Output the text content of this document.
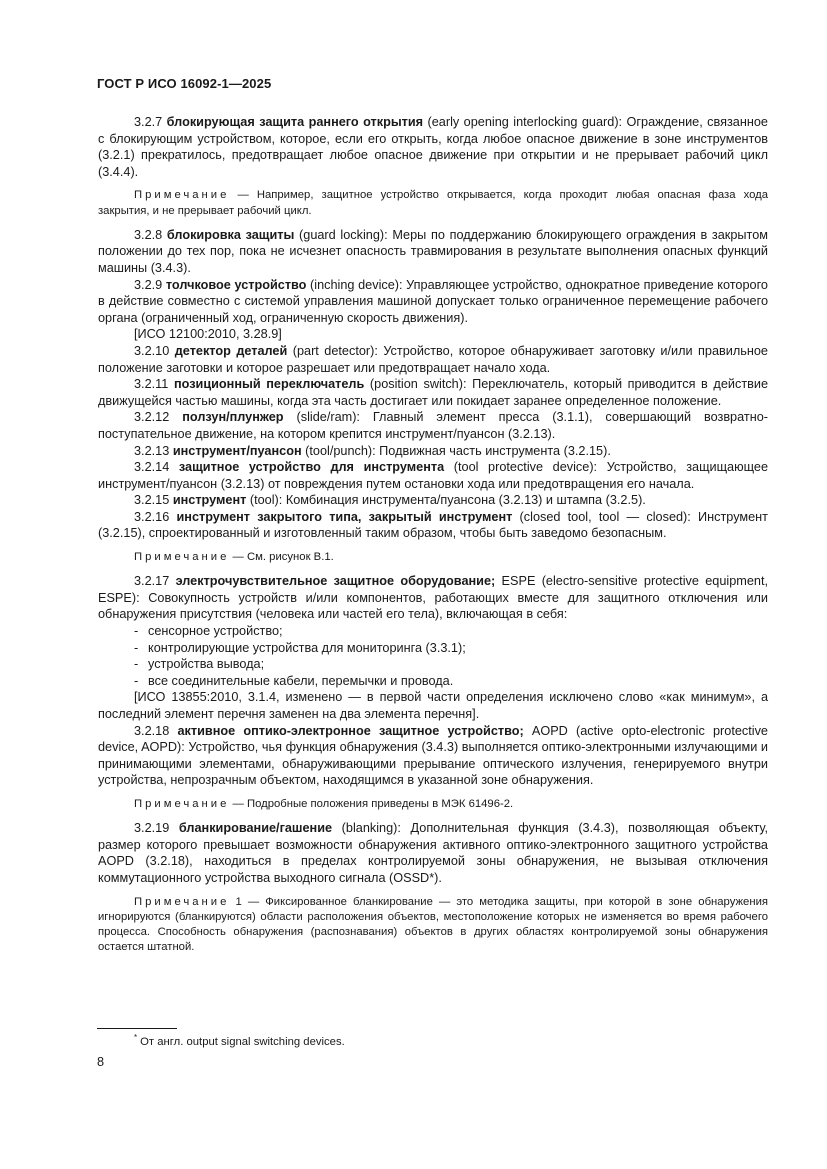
ГОСТ Р ИСО 16092-1—2025

3.2.7 блокирующая защита раннего открытия (early opening interlocking guard): Ограждение, связанное с блокирующим устройством, которое, если его открыть, когда любое опасное движение в зоне инструментов (3.2.1) прекратилось, предотвращает любое опасное движение при открытии и не прерывает рабочий цикл (3.4.4).

Примечание — Например, защитное устройство открывается, когда проходит любая опасная фаза хода закрытия, и не прерывает рабочий цикл.

3.2.8 блокировка защиты (guard locking): Меры по поддержанию блокирующего ограждения в закрытом положении до тех пор, пока не исчезнет опасность травмирования в результате выполнения опасных функций машины (3.4.3).

3.2.9 толчковое устройство (inching device): Управляющее устройство, однократное приведение которого в действие совместно с системой управления машиной допускает только ограниченное перемещение рабочего органа (ограниченный ход, ограниченную скорость движения).

[ИСО 12100:2010, 3.28.9]

3.2.10 детектор деталей (part detector): Устройство, которое обнаруживает заготовку и/или правильное положение заготовки и которое разрешает или предотвращает начало хода.

3.2.11 позиционный переключатель (position switch): Переключатель, который приводится в действие движущейся частью машины, когда эта часть достигает или покидает заранее определенное положение.

3.2.12 ползун/плунжер (slide/ram): Главный элемент пресса (3.1.1), совершающий возвратно-поступательное движение, на котором крепится инструмент/пуансон (3.2.13).

3.2.13 инструмент/пуансон (tool/punch): Подвижная часть инструмента (3.2.15).

3.2.14 защитное устройство для инструмента (tool protective device): Устройство, защищающее инструмент/пуансон (3.2.13) от повреждения путем остановки хода или предотвращения его начала.

3.2.15 инструмент (tool): Комбинация инструмента/пуансона (3.2.13) и штампа (3.2.5).

3.2.16 инструмент закрытого типа, закрытый инструмент (closed tool, tool — closed): Инструмент (3.2.15), спроектированный и изготовленный таким образом, чтобы быть заведомо безопасным.

Примечание — См. рисунок В.1.

3.2.17 электрочувствительное защитное оборудование; ESPE (electro-sensitive protective equipment, ESPE): Совокупность устройств и/или компонентов, работающих вместе для защитного отключения или обнаружения присутствия (человека или частей его тела), включающая в себя:

- сенсорное устройство;
- контролирующие устройства для мониторинга (3.3.1);
- устройства вывода;
- все соединительные кабели, перемычки и провода.

[ИСО 13855:2010, 3.1.4, изменено — в первой части определения исключено слово «как минимум», а последний элемент перечня заменен на два элемента перечня].

3.2.18 активное оптико-электронное защитное устройство; AOPD (active opto-electronic protective device, AOPD): Устройство, чья функция обнаружения (3.4.3) выполняется оптико-электронными излучающими и принимающими элементами, обнаруживающими прерывание оптического излучения, генерируемого внутри устройства, непрозрачным объектом, находящимся в указанной зоне обнаружения.

Примечание — Подробные положения приведены в МЭК 61496-2.

3.2.19 бланкирование/гашение (blanking): Дополнительная функция (3.4.3), позволяющая объекту, размер которого превышает возможности обнаружения активного оптико-электронного защитного устройства AOPD (3.2.18), находиться в пределах контролируемой зоны обнаружения, не вызывая отключения коммутационного устройства выходного сигнала (OSSD*).

Примечание 1 — Фиксированное бланкирование — это методика защиты, при которой в зоне обнаружения игнорируются (бланкируются) области расположения объектов, местоположение которых не изменяется во время рабочего процесса. Способность обнаружения (распознавания) объектов в других областях контролируемой зоны обнаружения остается штатной.

* От англ. output signal switching devices.
8
